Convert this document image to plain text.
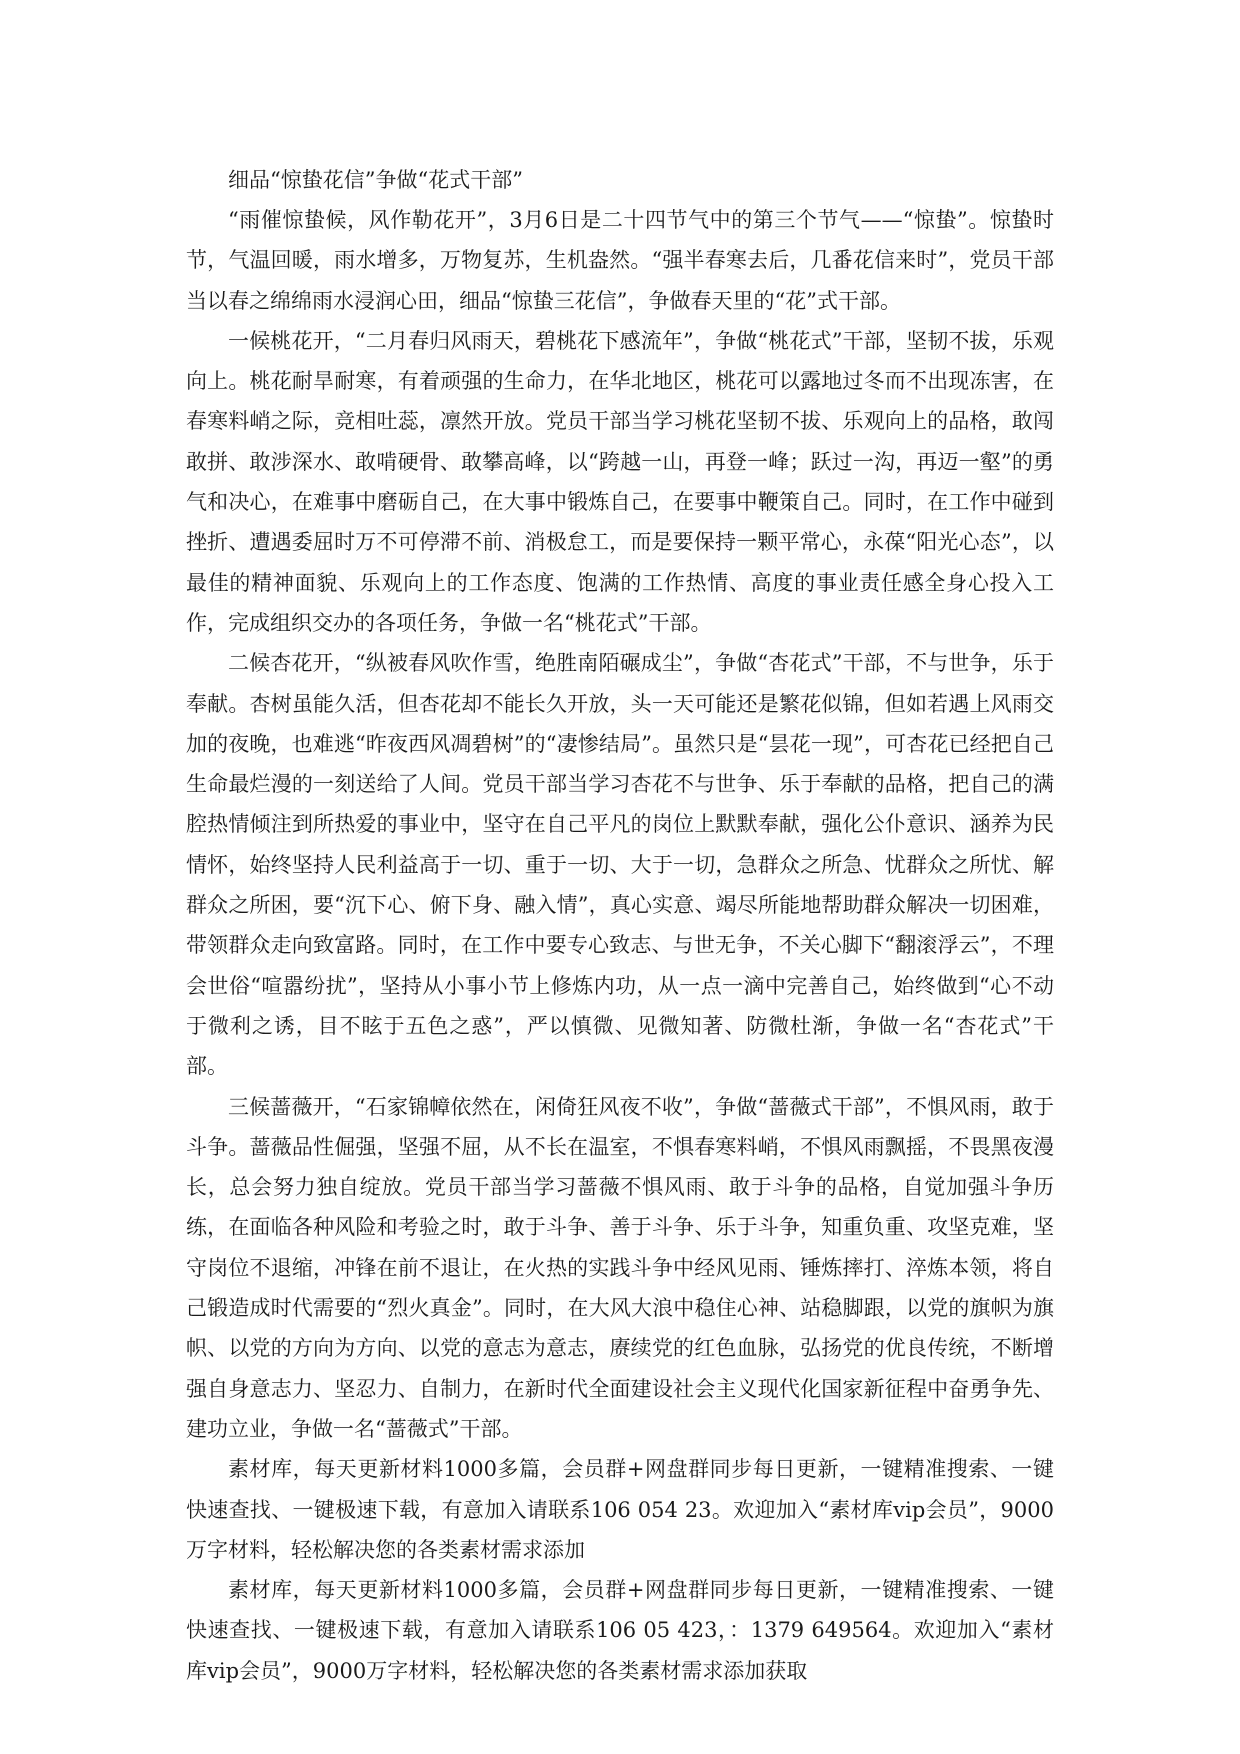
细品“惊蛰花信”争做“花式干部”

“雨催惊蛰候，风作勒花开”，3月6日是二十四节气中的第三个节气——“惊蛰”。惊蛰时节，气温回暖，雨水增多，万物复苏，生机盎然。“强半春寒去后，几番花信来时”，党员干部当以春之绵绵雨水浸润心田，细品“惊蛰三花信”，争做春天里的“花”式干部。

一候桃花开，“二月春归风雨天，碧桃花下感流年”，争做“桃花式”干部，坚韧不拔，乐观向上。桃花耐旱耐寒，有着顽强的生命力，在华北地区，桃花可以露地过冬而不出现冻害，在春寒料峭之际，竞相吐蕊，凛然开放。党员干部当学习桃花坚韧不拔、乐观向上的品格，敢闯敢拼、敢涉深水、敢啃硬骨、敢攀高峰，以“跨越一山，再登一峰；跃过一沟，再迈一壑”的勇气和决心，在难事中磨砺自己，在大事中锻炼自己，在要事中鞭策自己。同时，在工作中碰到挫折、遭遇委屈时万不可停滞不前、消极怠工，而是要保持一颗平常心，永葆“阳光心态”，以最佳的精神面貌、乐观向上的工作态度、饱满的工作热情、高度的事业责任感全身心投入工作，完成组织交办的各项任务，争做一名“桃花式”干部。

二候杏花开，“纵被春风吹作雪，绝胜南陌碾成尘”，争做“杏花式”干部，不与世争，乐于奉献。杏树虽能久活，但杏花却不能长久开放，头一天可能还是繁花似锦，但如若遇上风雨交加的夜晚，也难逃“昨夜西风凋碧树”的“凄惨结局”。虽然只是“昙花一现”，可杏花已经把自己生命最烂漫的一刻送给了人间。党员干部当学习杏花不与世争、乐于奉献的品格，把自己的满腔热情倾注到所热爱的事业中，坚守在自己平凡的岗位上默默奉献，强化公仆意识、涵养为民情怀，始终坚持人民利益高于一切、重于一切、大于一切，急群众之所急、忧群众之所忧、解群众之所困，要“沉下心、俯下身、融入情”，真心实意、竭尽所能地帮助群众解决一切困难，带领群众走向致富路。同时，在工作中要专心致志、与世无争，不关心脚下“翻滚浮云”，不理会世俗“喧嚣纷扰”，坚持从小事小节上修炼内功，从一点一滴中完善自己，始终做到“心不动于微利之诱，目不眩于五色之惑”，严以慎微、见微知著、防微杜渐，争做一名“杏花式”干部。

三候蔷薇开，“石家锦幛依然在，闲倚狂风夜不收”，争做“蔷薇式干部”，不惧风雨，敢于斗争。蔷薇品性倔强，坚强不屈，从不长在温室，不惧春寒料峭，不惧风雨飘摇，不畏黑夜漫长，总会努力独自绽放。党员干部当学习蔷薇不惧风雨、敢于斗争的品格，自觉加强斗争历练，在面临各种风险和考验之时，敢于斗争、善于斗争、乐于斗争，知重负重、攻坚克难，坚守岗位不退缩，冲锋在前不退让，在火热的实践斗争中经风见雨、锤炼摔打、淬炼本领，将自己锻造成时代需要的“烈火真金”。同时，在大风大浪中稳住心神、站稳脚跟，以党的旗帜为旗帜、以党的方向为方向、以党的意志为意志，赓续党的红色血脉，弘扬党的优良传统，不断增强自身意志力、坚忍力、自制力，在新时代全面建设社会主义现代化国家新征程中奋勇争先、建功立业，争做一名“蔷薇式”干部。

素材库，每天更新材料1000多篇，会员群+网盘群同步每日更新，一键精准搜索、一键快速查找、一键极速下载，有意加入请联系106 054 23。欢迎加入“素材库vip会员”，9000万字材料，轻松解决您的各类素材需求添加

素材库，每天更新材料1000多篇，会员群+网盘群同步每日更新，一键精准搜索、一键快速查找、一键极速下载，有意加入请联系106 05 423，：1379 649564。欢迎加入“素材库vip会员”，9000万字材料，轻松解决您的各类素材需求添加获取
